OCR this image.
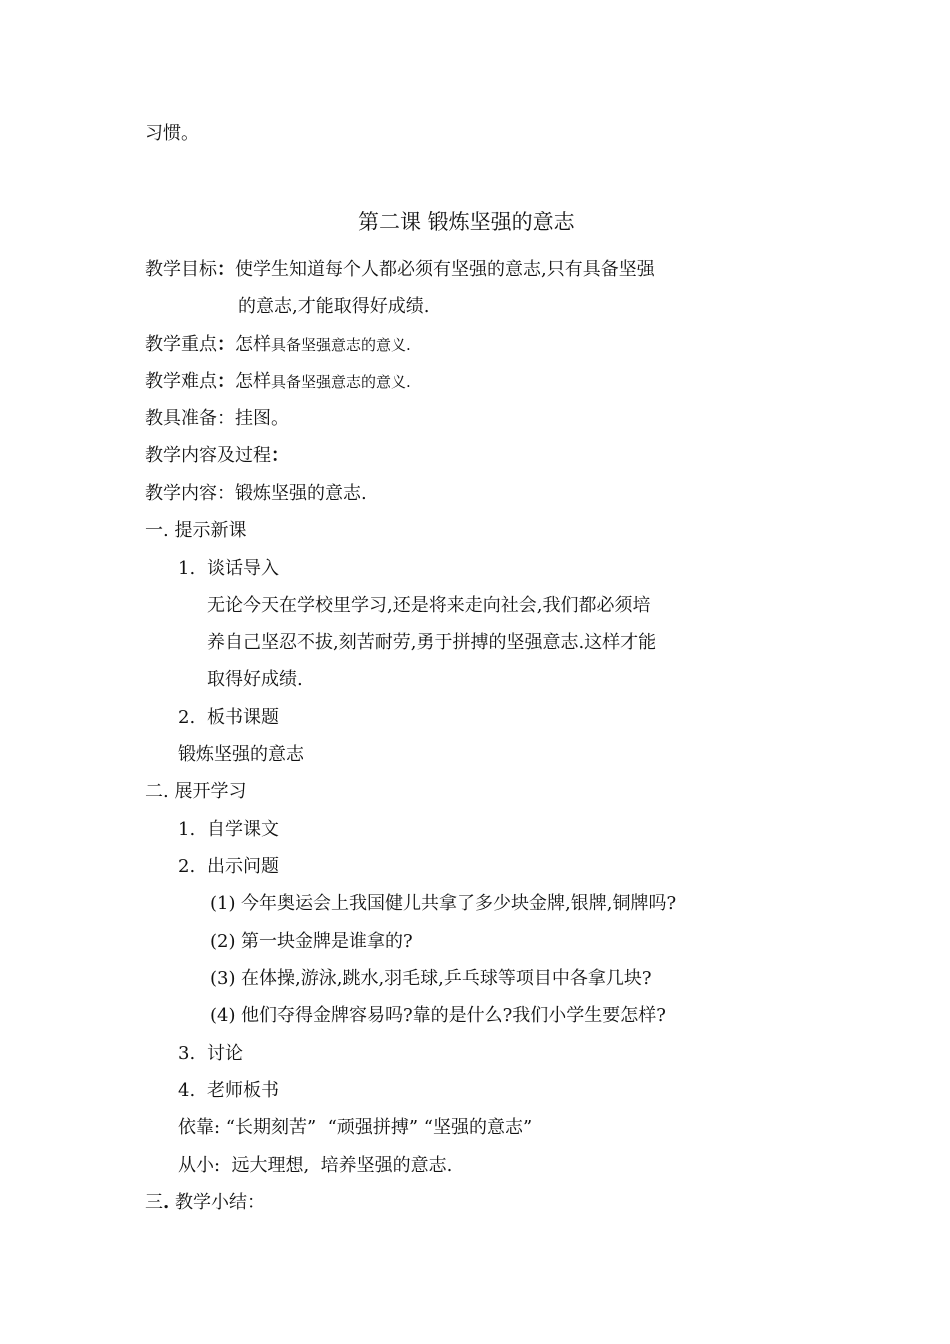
习惯。
第二课 锻炼坚强的意志
教学目标：使学生知道每个人都必须有坚强的意志,只有具备坚强
的意志,才能取得好成绩.
教学重点：怎样具备坚强意志的意义.
教学难点：怎样具备坚强意志的意义.
教具准备：挂图。
教学内容及过程：
教学内容：锻炼坚强的意志.
一. 提示新课
1. 谈话导入
无论今天在学校里学习,还是将来走向社会,我们都必须培
养自己坚忍不拔,刻苦耐劳,勇于拼搏的坚强意志.这样才能
取得好成绩.
2. 板书课题
锻炼坚强的意志
二. 展开学习
1. 自学课文
2. 出示问题
(1) 今年奥运会上我国健儿共拿了多少块金牌,银牌,铜牌吗?
(2) 第一块金牌是谁拿的?
(3) 在体操,游泳,跳水,羽毛球,乒乓球等项目中各拿几块?
(4) 他们夺得金牌容易吗?靠的是什么?我们小学生要怎样?
3. 讨论
4. 老师板书
依靠: “长期刻苦”  “顽强拼搏” “坚强的意志”
从小:  远大理想,  培养坚强的意志.
三. 教学小结：
